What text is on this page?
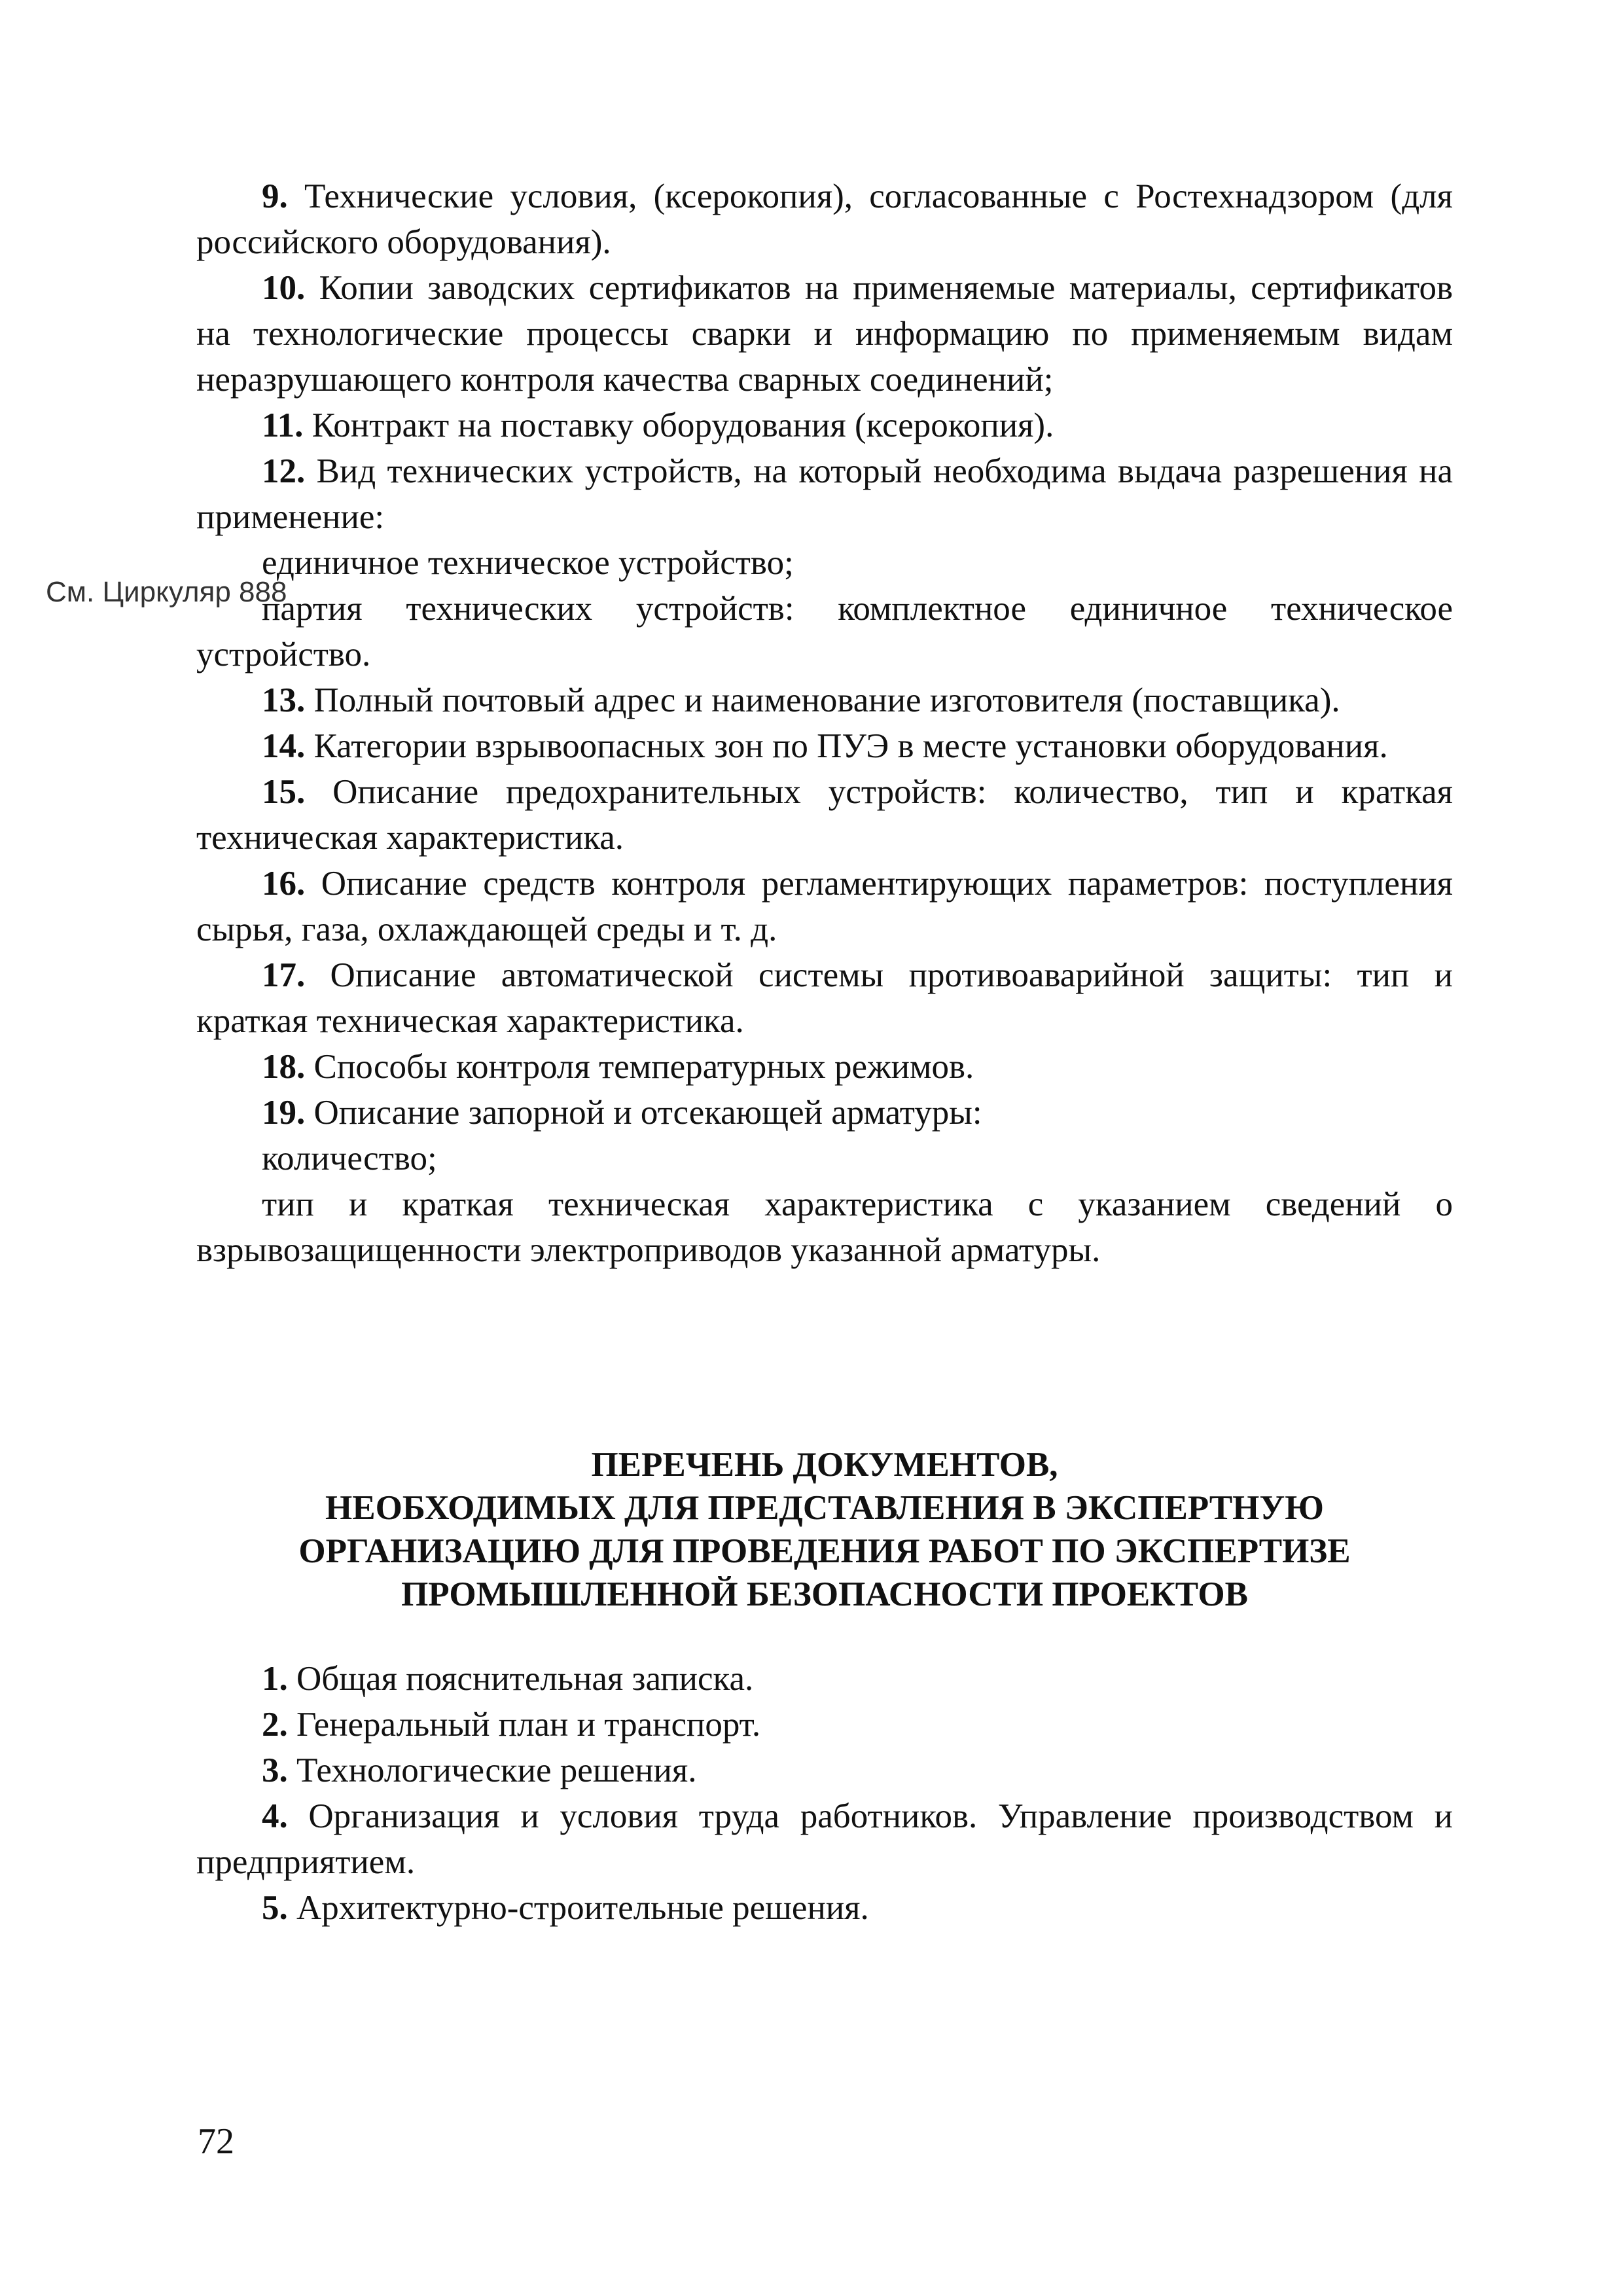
9. Технические условия, (ксерокопия), согласованные с Ростехнадзором (для российского оборудования).

10. Копии заводских сертификатов на применяемые материалы, сертификатов на технологические процессы сварки и информацию по применяемым видам неразрушающего контроля качества сварных соединений;

11. Контракт на поставку оборудования (ксерокопия).

12. Вид технических устройств, на который необходима выдача разрешения на применение:

единичное техническое устройство;

партия технических устройств: комплектное единичное техническое устройство.

13. Полный почтовый адрес и наименование изготовителя (поставщика).

14. Категории взрывоопасных зон по ПУЭ в месте установки оборудования.

15. Описание предохранительных устройств: количество, тип и краткая техническая характеристика.

16. Описание средств контроля регламентирующих параметров: поступления сырья, газа, охлаждающей среды и т. д.

17. Описание автоматической системы противоаварийной защиты: тип и краткая техническая характеристика.

18. Способы контроля температурных режимов.

19. Описание запорной и отсекающей арматуры:

количество;

тип и краткая техническая характеристика с указанием сведений о взрывозащищенности электроприводов указанной арматуры.

См. Циркуляр 888
ПЕРЕЧЕНЬ ДОКУМЕНТОВ,
НЕОБХОДИМЫХ ДЛЯ ПРЕДСТАВЛЕНИЯ В ЭКСПЕРТНУЮ
ОРГАНИЗАЦИЮ ДЛЯ ПРОВЕДЕНИЯ РАБОТ ПО ЭКСПЕРТИЗЕ
ПРОМЫШЛЕННОЙ БЕЗОПАСНОСТИ ПРОЕКТОВ

1. Общая пояснительная записка.

2. Генеральный план и транспорт.

3. Технологические решения.

4. Организация и условия труда работников. Управление производством и предприятием.

5. Архитектурно-строительные решения.

72
